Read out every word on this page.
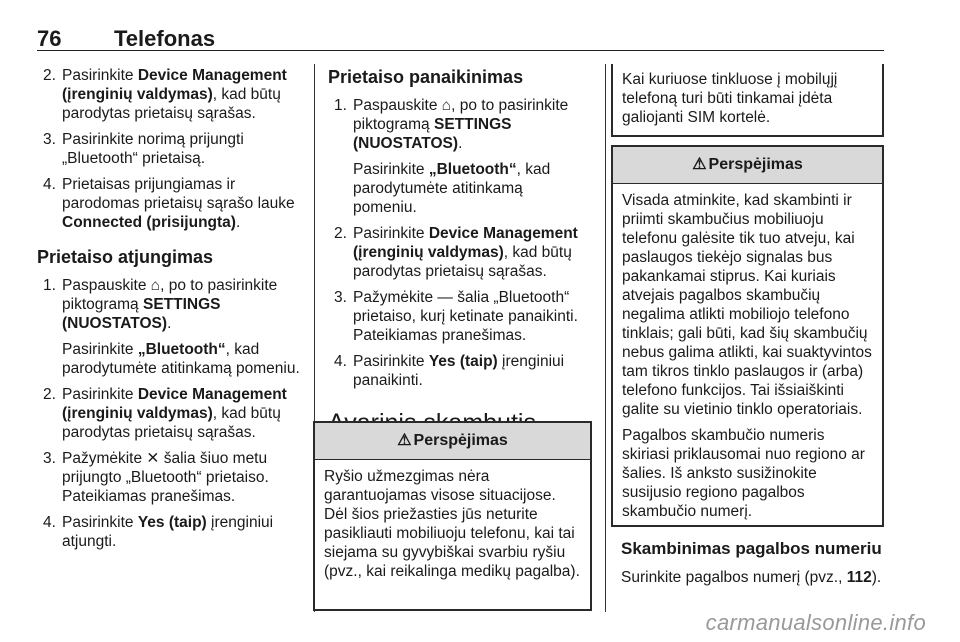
76 Telefonas
2. Pasirinkite Device Management (įrenginių valdymas), kad būtų parodytas prietaisų sąrašas.

3. Pasirinkite norimą prijungti „Bluetooth“ prietaisą.

4. Prietaisas prijungiamas ir parodomas prietaisų sąrašo lauke Connected (prisijungta).

Prietaiso atjungimas
1. Paspauskite ⌂, po to pasirinkite piktogramą SETTINGS (NUOSTATOS).

Pasirinkite „Bluetooth“, kad parodytumėte atitinkamą pomeniu.

2. Pasirinkite Device Management (įrenginių valdymas), kad būtų parodytas prietaisų sąrašas.

3. Pažymėkite ✕ šalia šiuo metu prijungto „Bluetooth“ prietaiso. Pateikiamas pranešimas.

4. Pasirinkite Yes (taip) įrenginiui atjungti.

Prietaiso panaikinimas
1. Paspauskite ⌂, po to pasirinkite piktogramą SETTINGS (NUOSTATOS).

Pasirinkite „Bluetooth“, kad parodytumėte atitinkamą pomeniu.

2. Pasirinkite Device Management (įrenginių valdymas), kad būtų parodytas prietaisų sąrašas.

3. Pažymėkite — šalia „Bluetooth“ prietaiso, kurį ketinate panaikinti. Pateikiamas pranešimas.

4. Pasirinkite Yes (taip) įrenginiui panaikinti.

⚠ Perspėjimas

Ryšio užmezgimas nėra garantuojamas visose situacijose. Dėl šios priežasties jūs neturite pasikliauti mobiliuoju telefonu, kai tai siejama su gyvybiškai svarbiu ryšiu (pvz., kai reikalinga medikų pagalba).

Kai kuriuose tinkluose į mobilųjį telefoną turi būti tinkamai įdėta galiojanti SIM kortelė.
⚠ Perspėjimas

Visada atminkite, kad skambinti ir priimti skambučius mobiliuoju telefonu galėsite tik tuo atveju, kai paslaugos tiekėjo signalas bus pakankamai stiprus. Kai kuriais atvejais pagalbos skambučių negalima atlikti mobiliojo telefono tinklais; gali būti, kad šių skambučių nebus galima atlikti, kai suaktyvintos tam tikros tinklo paslaugos ir (arba) telefono funkcijos. Tai išsiaiškinti galite su vietinio tinklo operatoriais.

Pagalbos skambučio numeris skiriasi priklausomai nuo regiono ar šalies. Iš anksto susižinokite susijusio regiono pagalbos skambučio numerį.

Skambinimas pagalbos numeriu

Surinkite pagalbos numerį (pvz., 112).

carmanualsonline.info
